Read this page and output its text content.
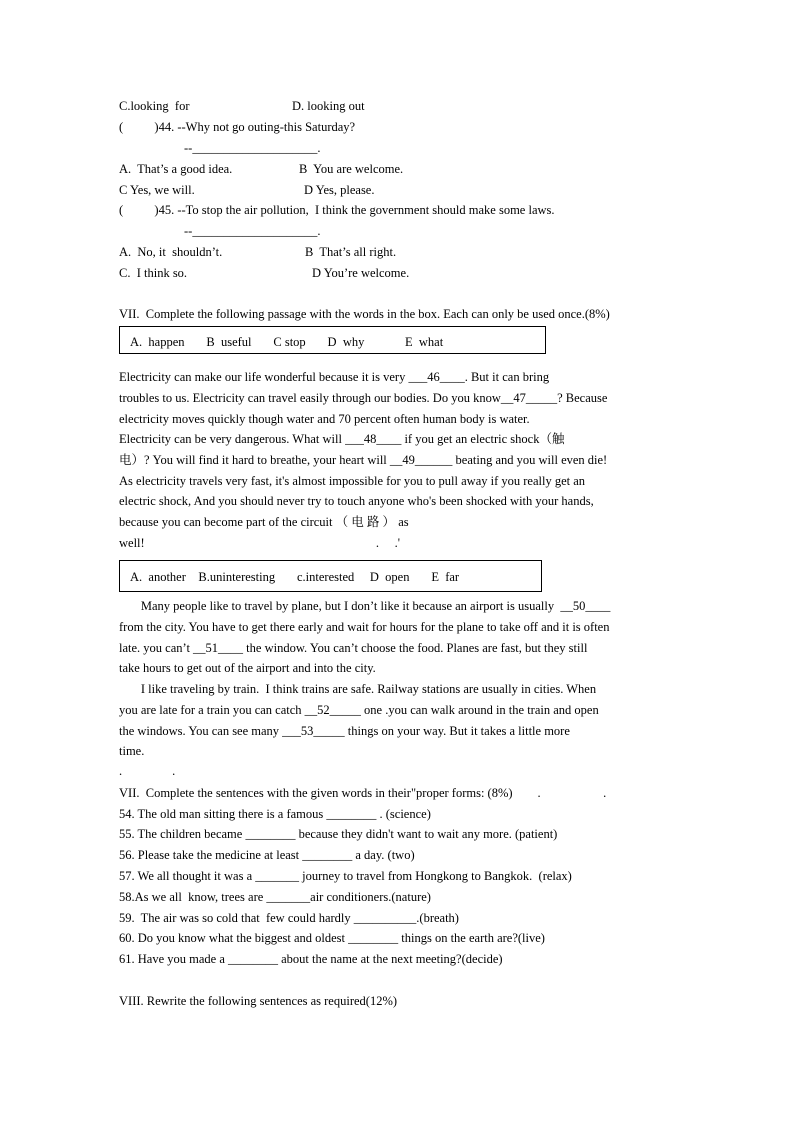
C.looking  for	D. looking out
(          )44. --Why not go outing-this Saturday?
--____________________.
A.  That’s a good idea.	B  You are welcome.
C Yes, we will.	D Yes, please.
(          )45. --To stop the air pollution,  I think the government should make some laws.
--____________________.
A.  No, it  shouldn’t.	B  That’s all right.
C.  I think so.	D You’re welcome.
VII.  Complete the following passage with the words in the box. Each can only be used once.(8%)
A.  happen       B  useful       C stop       D  why             E  what
Electricity can make our life wonderful because it is very ___46____. But it can bring
troubles to us. Electricity can travel easily through our bodies. Do you know__47_____? Because
electricity moves quickly though water and 70 percent often human body is water.
Electricity can be very dangerous. What will ___48____ if you get an electric shock（触
电）? You will find it hard to breathe, your heart will __49______ beating and you will even die!
As electricity travels very fast, it's almost impossible for you to pull away if you really get an
electric shock, And you should never try to touch anyone who's been shocked with your hands,
because you can become part of the circuit （ 电 路 ） as
well!                                                                          .     .'
A.  another    B.uninteresting       c.interested     D  open       E  far
Many people like to travel by plane, but I don’t like it because an airport is usually  __50____
from the city. You have to get there early and wait for hours for the plane to take off and it is often
late. you can’t __51____ the window. You can’t choose the food. Planes are fast, but they still
take hours to get out of the airport and into the city.
I like traveling by train.  I think trains are safe. Railway stations are usually in cities. When
you are late for a train you can catch __52_____ one .you can walk around in the train and open
the windows. You can see many ___53_____ things on your way. But it takes a little more
time.
.                .
VII.  Complete the sentences with the given words in their"proper forms: (8%)        .                    .
54. The old man sitting there is a famous ________ . (science)
55. The children became ________ because they didn't want to wait any more. (patient)
56. Please take the medicine at least ________ a day. (two)
57. We all thought it was a _______ journey to travel from Hongkong to Bangkok.  (relax)
58.As we all  know, trees are _______air conditioners.(nature)
59.  The air was so cold that  few could hardly __________.(breath)
60. Do you know what the biggest and oldest ________ things on the earth are?(live)
61. Have you made a ________ about the name at the next meeting?(decide)
VIII. Rewrite the following sentences as required(12%)
